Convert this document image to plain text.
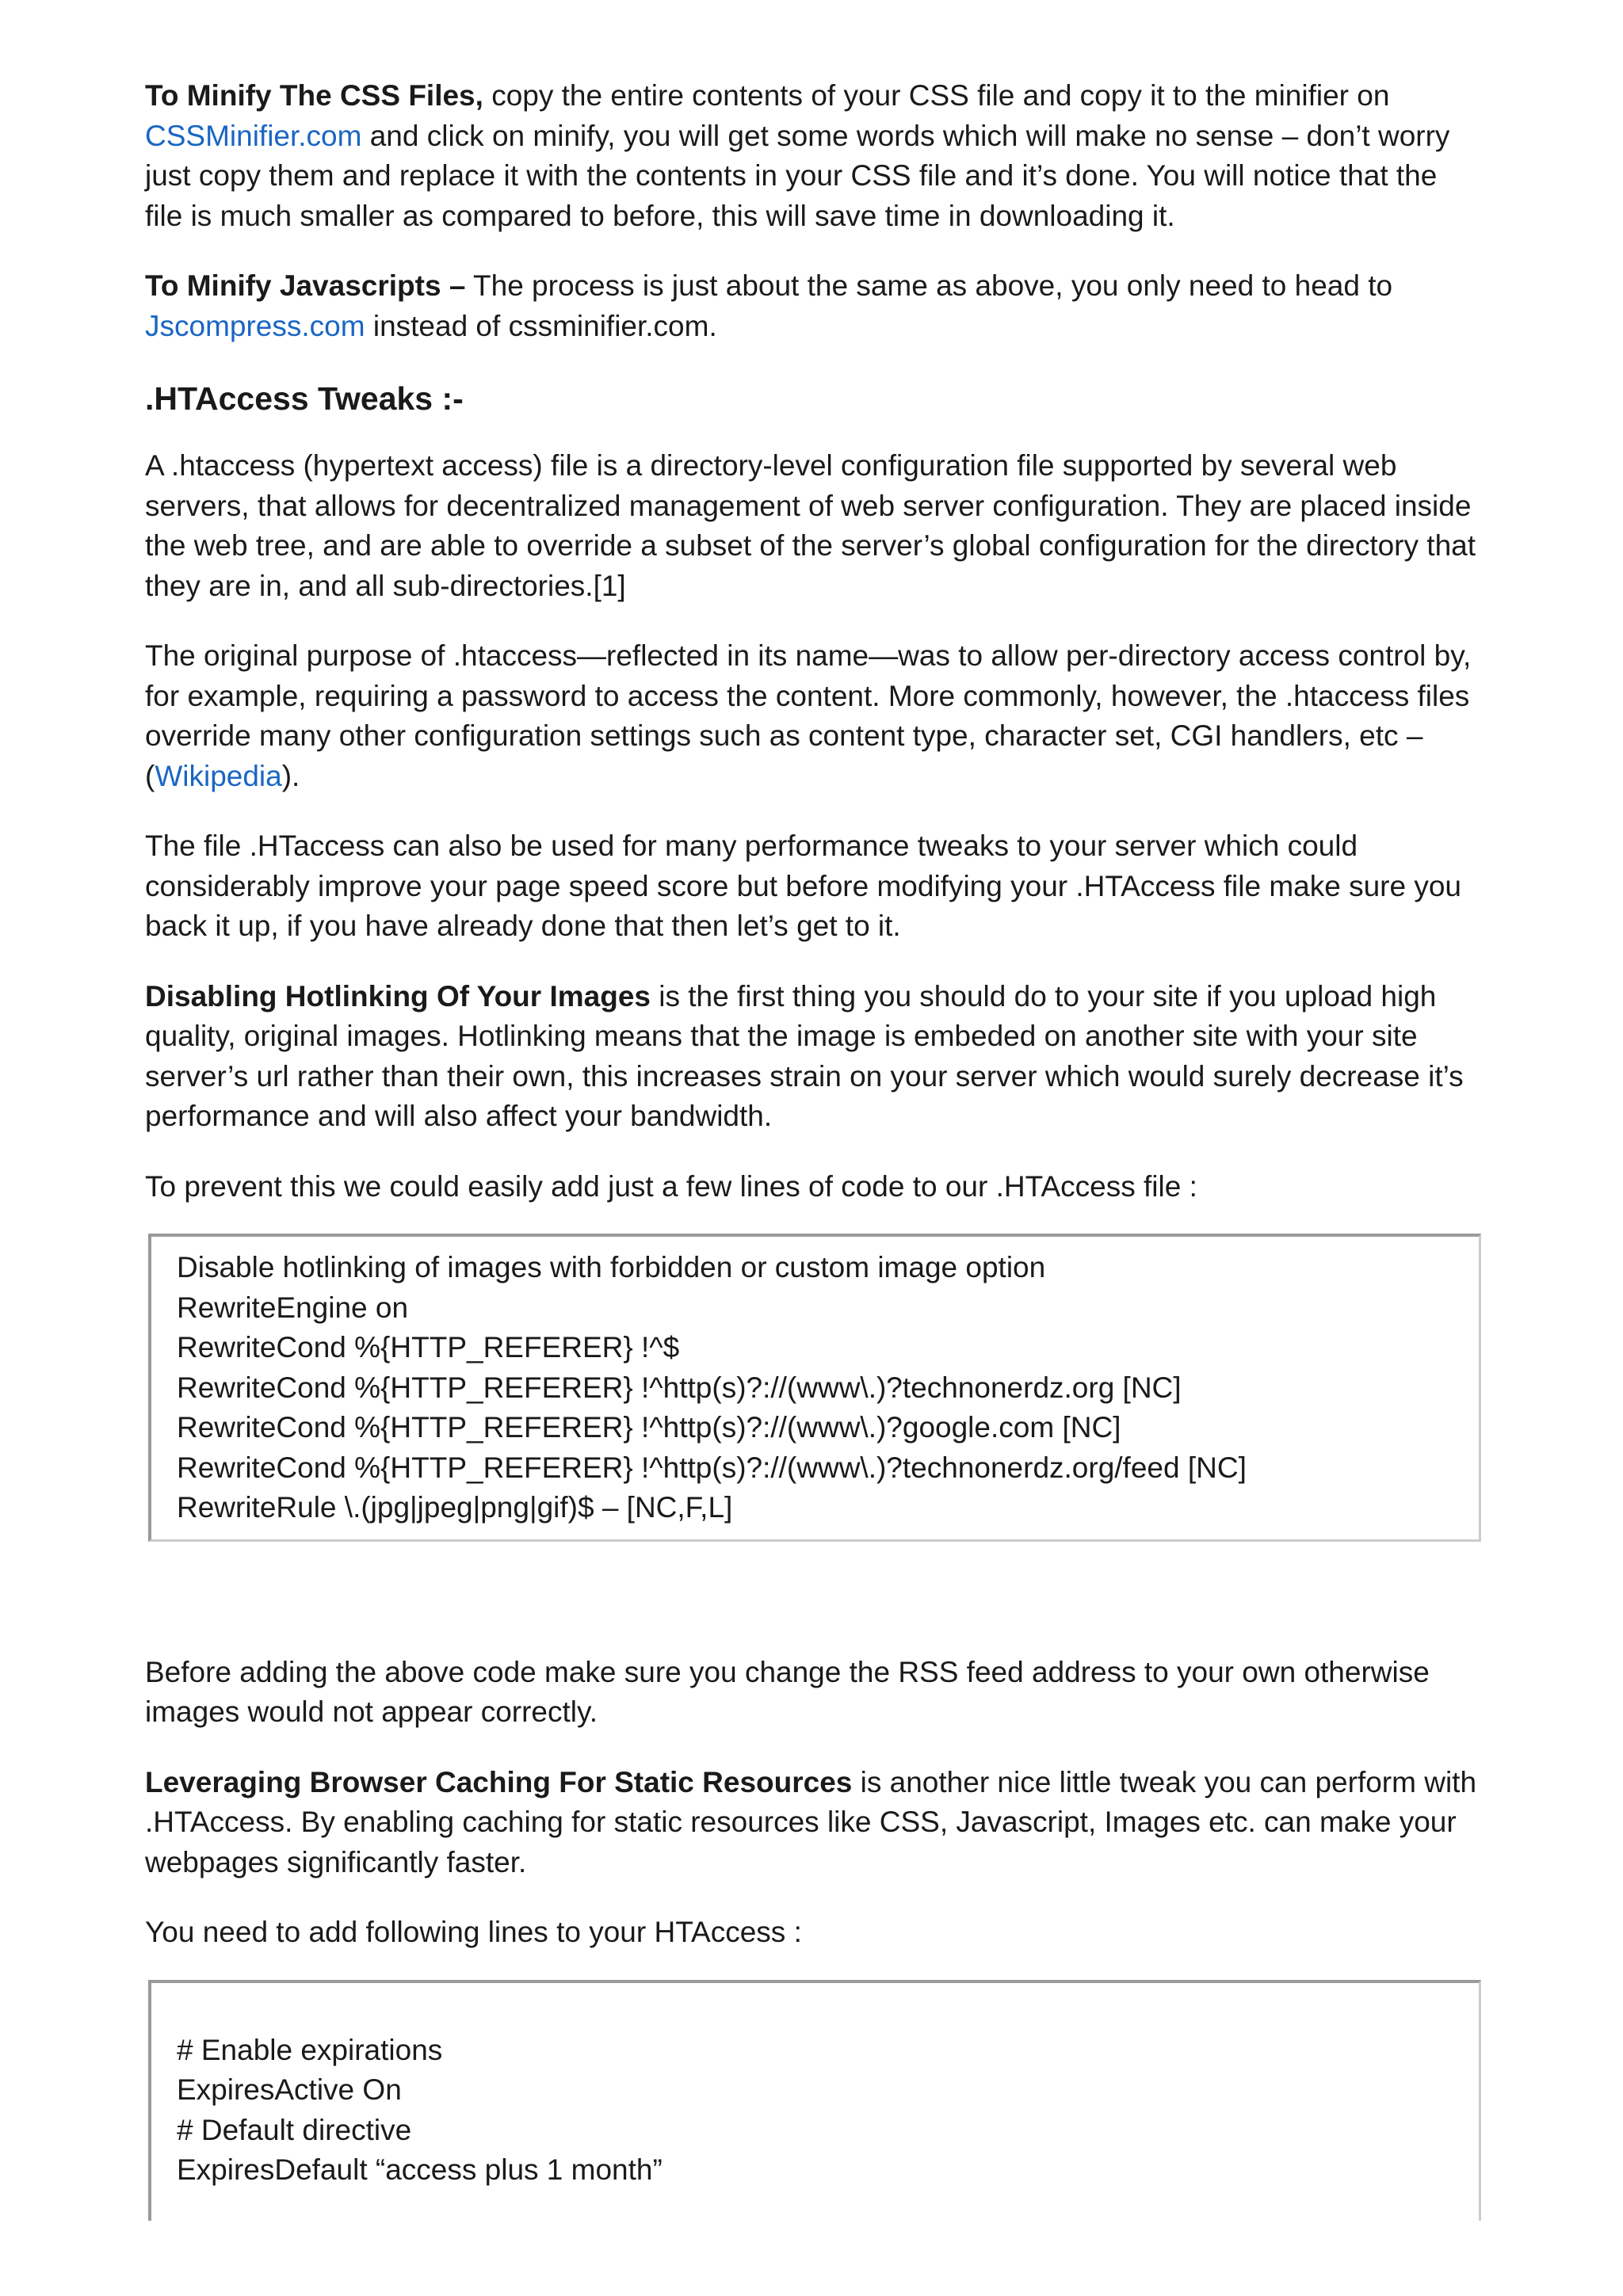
To Minify The CSS Files, copy the entire contents of your CSS file and copy it to the minifier on CSSMinifier.com and click on minify, you will get some words which will make no sense – don’t worry just copy them and replace it with the contents in your CSS file and it’s done. You will notice that the file is much smaller as compared to before, this will save time in downloading it.

To Minify Javascripts – The process is just about the same as above, you only need to head to Jscompress.com instead of cssminifier.com.

.HTAccess Tweaks :-

A .htaccess (hypertext access) file is a directory-level configuration file supported by several web servers, that allows for decentralized management of web server configuration. They are placed inside the web tree, and are able to override a subset of the server’s global configuration for the directory that they are in, and all sub-directories.[1]

The original purpose of .htaccess—reflected in its name—was to allow per-directory access control by, for example, requiring a password to access the content. More commonly, however, the .htaccess files override many other configuration settings such as content type, character set, CGI handlers, etc – (Wikipedia).

The file .HTaccess can also be used for many performance tweaks to your server which could considerably improve your page speed score but before modifying your .HTAccess file make sure you back it up, if you have already done that then let’s get to it.

Disabling Hotlinking Of Your Images is the first thing you should do to your site if you upload high quality, original images. Hotlinking means that the image is embeded on another site with your site server’s url rather than their own, this increases strain on your server which would surely decrease it’s performance and will also affect your bandwidth.

To prevent this we could easily add just a few lines of code to our .HTAccess file :

Disable hotlinking of images with forbidden or custom image option
RewriteEngine on
RewriteCond %{HTTP_REFERER} !^$
RewriteCond %{HTTP_REFERER} !^http(s)?://(www\.)?technonerdz.org [NC]
RewriteCond %{HTTP_REFERER} !^http(s)?://(www\.)?google.com [NC]
RewriteCond %{HTTP_REFERER} !^http(s)?://(www\.)?technonerdz.org/feed [NC]
RewriteRule \.(jpg|jpeg|png|gif)$ – [NC,F,L]

Before adding the above code make sure you change the RSS feed address to your own otherwise images would not appear correctly.

Leveraging Browser Caching For Static Resources is another nice little tweak you can perform with .HTAccess. By enabling caching for static resources like CSS, Javascript, Images etc. can make your webpages significantly faster.

You need to add following lines to your HTAccess :

# Enable expirations
ExpiresActive On
# Default directive
ExpiresDefault “access plus 1 month”
